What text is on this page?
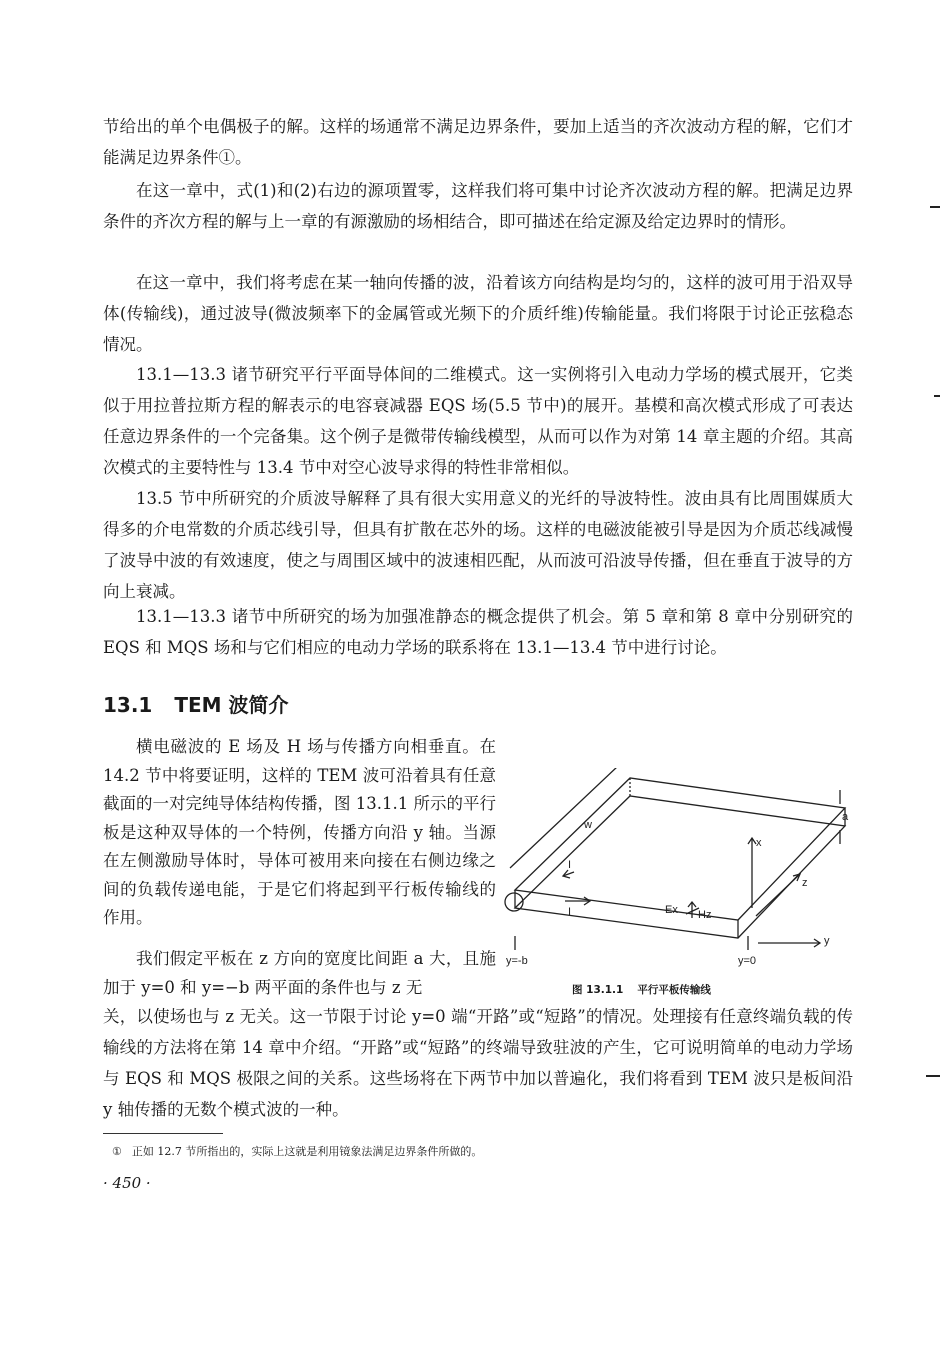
节给出的单个电偶极子的解。这样的场通常不满足边界条件，要加上适当的齐次波动方程的解，它们才能满足边界条件①。

在这一章中，式(1)和(2)右边的源项置零，这样我们将可集中讨论齐次波动方程的解。把满足边界条件的齐次方程的解与上一章的有源激励的场相结合，即可描述在给定源及给定边界时的情形。

在这一章中，我们将考虑在某一轴向传播的波，沿着该方向结构是均匀的，这样的波可用于沿双导体(传输线)，通过波导(微波频率下的金属管或光频下的介质纤维)传输能量。我们将限于讨论正弦稳态情况。

13.1—13.3 诸节研究平行平面导体间的二维模式。这一实例将引入电动力学场的模式展开，它类似于用拉普拉斯方程的解表示的电容衰减器 EQS 场(5.5 节中)的展开。基模和高次模式形成了可表达任意边界条件的一个完备集。这个例子是微带传输线模型，从而可以作为对第 14 章主题的介绍。其高次模式的主要特性与 13.4 节中对空心波导求得的特性非常相似。

13.5 节中所研究的介质波导解释了具有很大实用意义的光纤的导波特性。波由具有比周围媒质大得多的介电常数的介质芯线引导，但具有扩散在芯外的场。这样的电磁波能被引导是因为介质芯线减慢了波导中波的有效速度，使之与周围区域中的波速相匹配，从而波可沿波导传播，但在垂直于波导的方向上衰减。

13.1—13.3 诸节中所研究的场为加强准静态的概念提供了机会。第 5 章和第 8 章中分别研究的 EQS 和 MQS 场和与它们相应的电动力学场的联系将在 13.1—13.4 节中进行讨论。

13.1 TEM 波简介

横电磁波的 E 场及 H 场与传播方向相垂直。在 14.2 节中将要证明，这样的 TEM 波可沿着具有任意截面的一对完纯导体结构传播，图 13.1.1 所示的平行板是这种双导体的一个特例，传播方向沿 y 轴。当源在左侧激励导体时，导体可被用来向接在右侧边缘之间的负载传递电能，于是它们将起到平行板传输线的作用。

我们假定平板在 z 方向的宽度比间距 a 大，且施加于 y=0 和 y=−b 两平面的条件也与 z 无

关，以使场也与 z 无关。这一节限于讨论 y=0 端“开路”或“短路”的情况。处理接有任意终端负载的传输线的方法将在第 14 章中介绍。“开路”或“短路”的终端导致驻波的产生，它可说明简单的电动力学场与 EQS 和 MQS 极限之间的关系。这些场将在下两节中加以普遍化，我们将看到 TEM 波只是板间沿 y 轴传播的无数个模式波的一种。

w
a
x
y
z
Ex Hz
I
I
y=-b	y=0

图 13.1.1 平行平板传输线

① 正如 12.7 节所指出的，实际上这就是利用镜象法满足边界条件所做的。

· 450 ·
